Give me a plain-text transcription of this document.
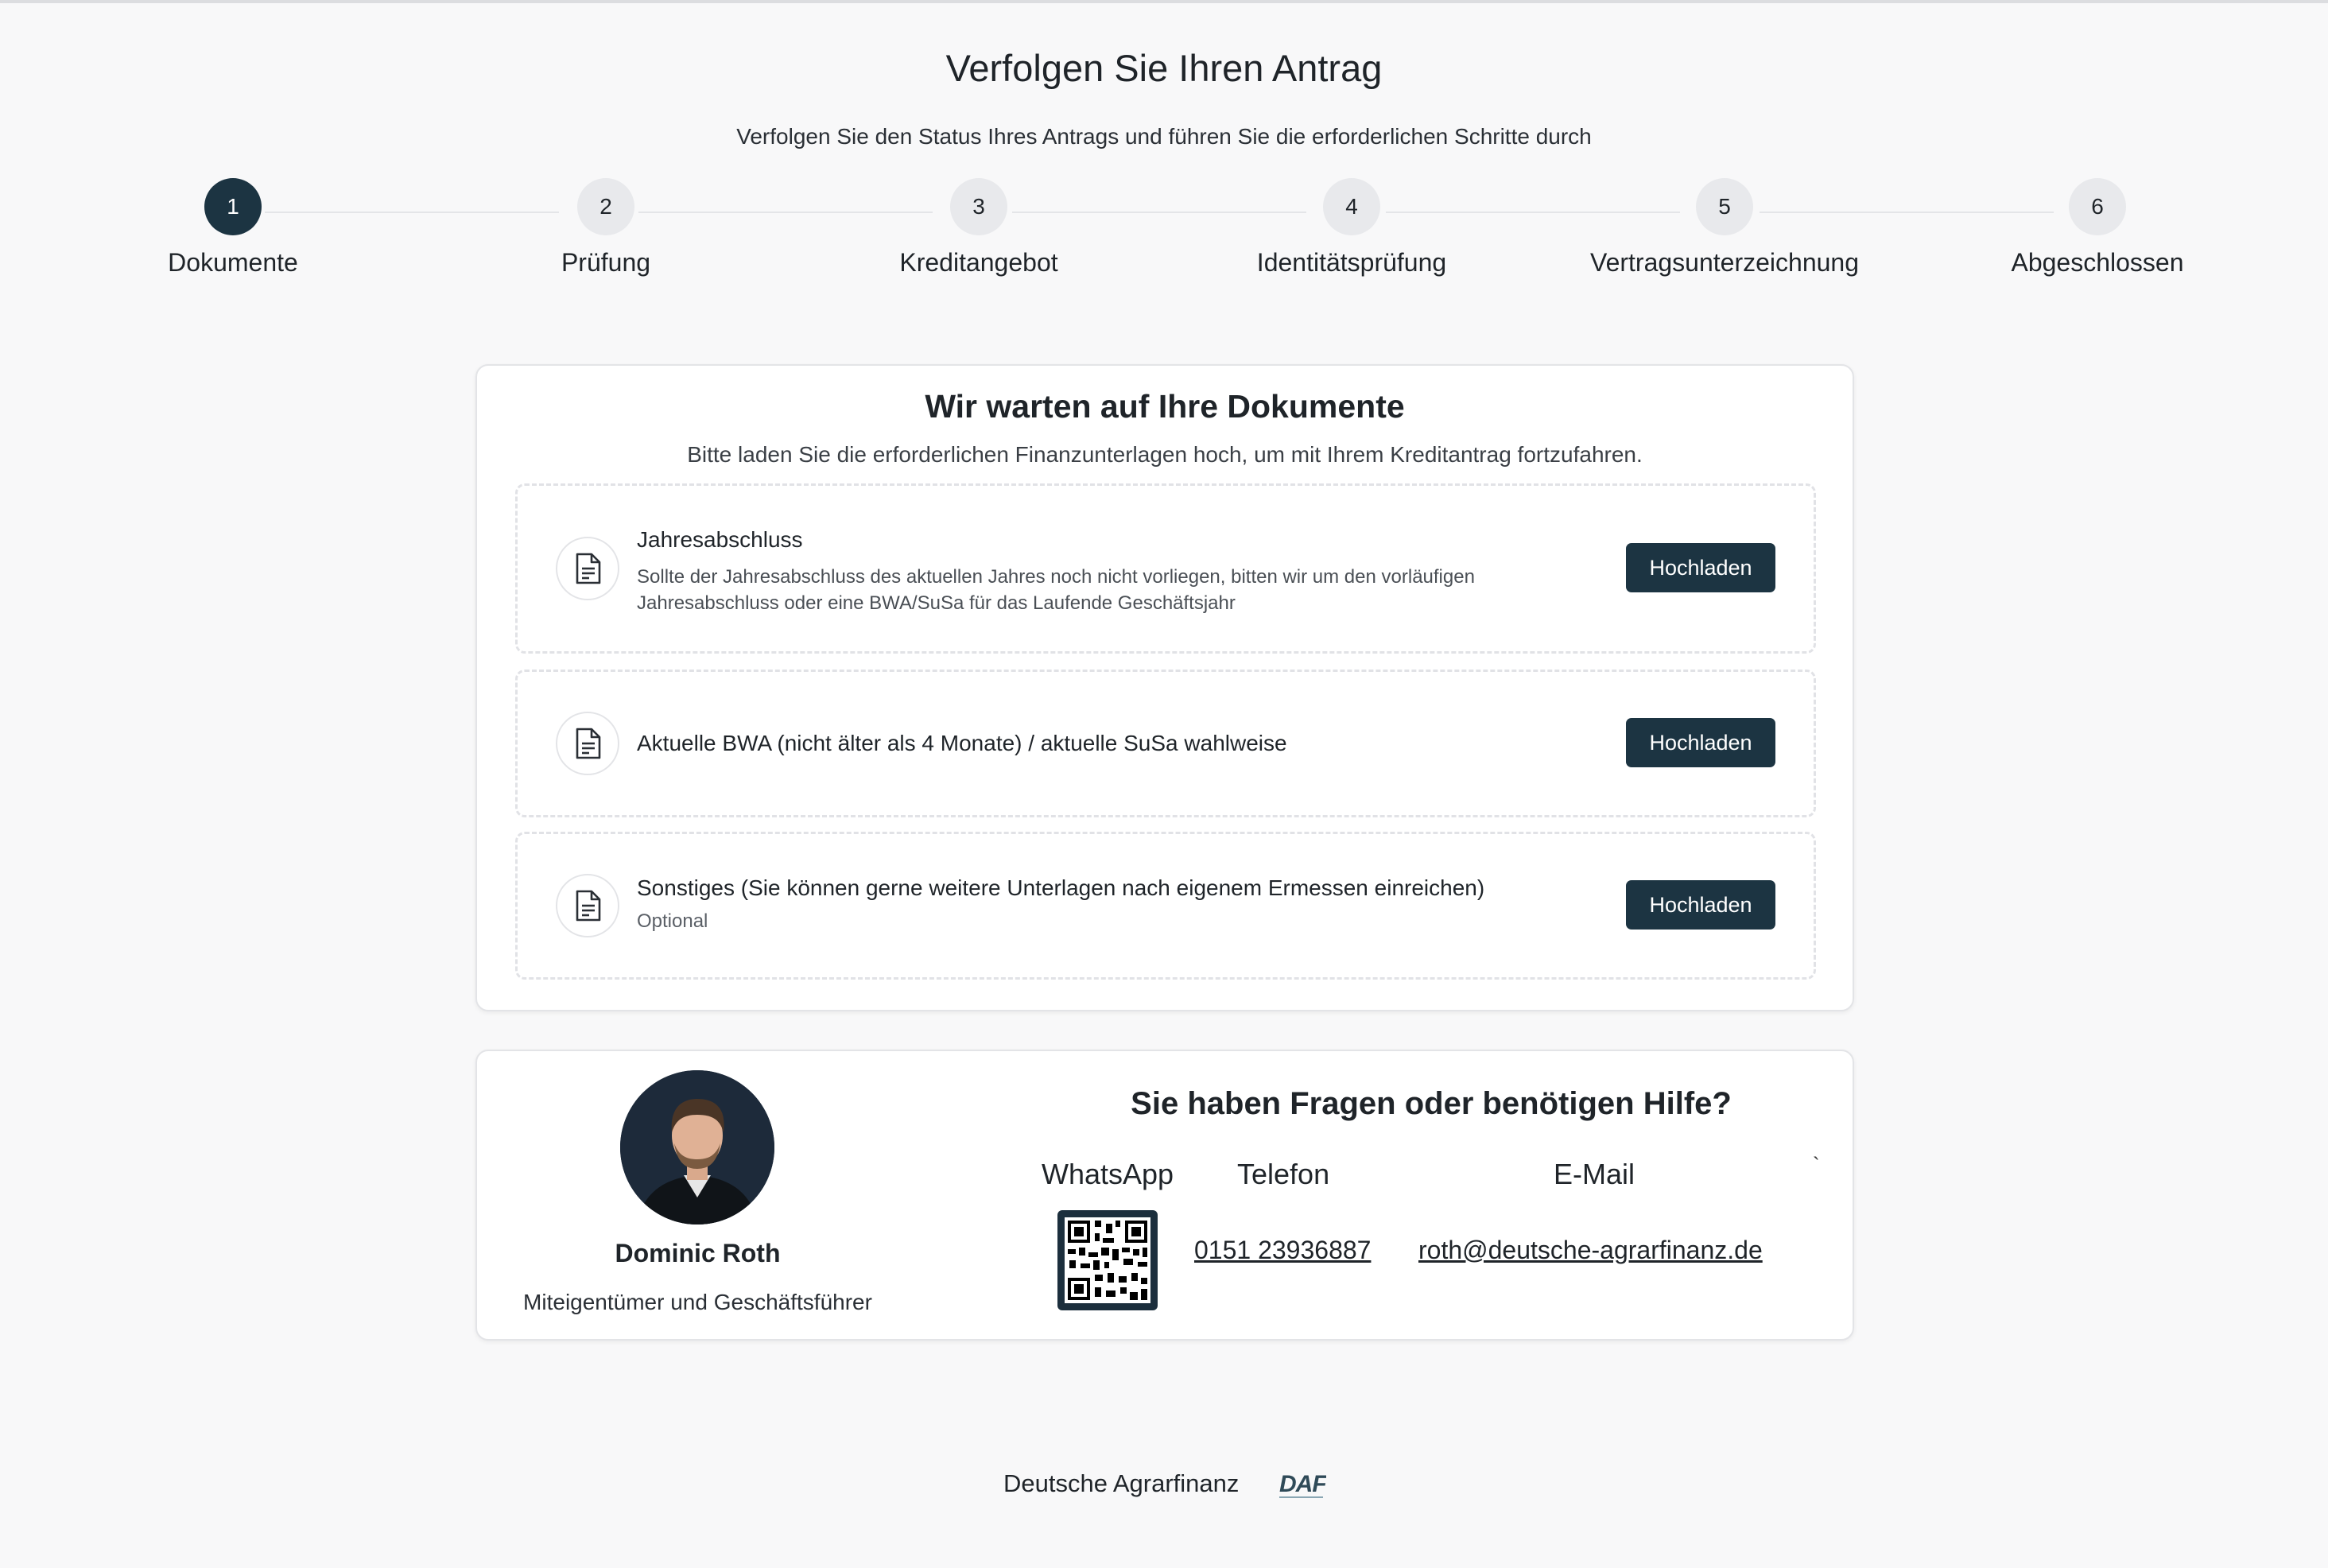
Verfolgen Sie Ihren Antrag
Verfolgen Sie den Status Ihres Antrags und führen Sie die erforderlichen Schritte durch
1
Dokumente
2
Prüfung
3
Kreditangebot
4
Identitätsprüfung
5
Vertragsunterzeichnung
6
Abgeschlossen
Wir warten auf Ihre Dokumente
Bitte laden Sie die erforderlichen Finanzunterlagen hoch, um mit Ihrem Kreditantrag fortzufahren.
Jahresabschluss
Sollte der Jahresabschluss des aktuellen Jahres noch nicht vorliegen, bitten wir um den vorläufigen Jahresabschluss oder eine BWA/SuSa für das Laufende Geschäftsjahr
Hochladen
Aktuelle BWA (nicht älter als 4 Monate) / aktuelle SuSa wahlweise	Hochladen
Sonstiges (Sie können gerne weitere Unterlagen nach eigenem Ermessen einreichen)
Optional
Hochladen
Dominic Roth
Miteigentümer und Geschäftsführer
Sie haben Fragen oder benötigen Hilfe?
WhatsApp Telefon	E-Mail	`
0151 23936887 roth@deutsche-agrarfinanz.de
Deutsche Agrarfinanz DAF
